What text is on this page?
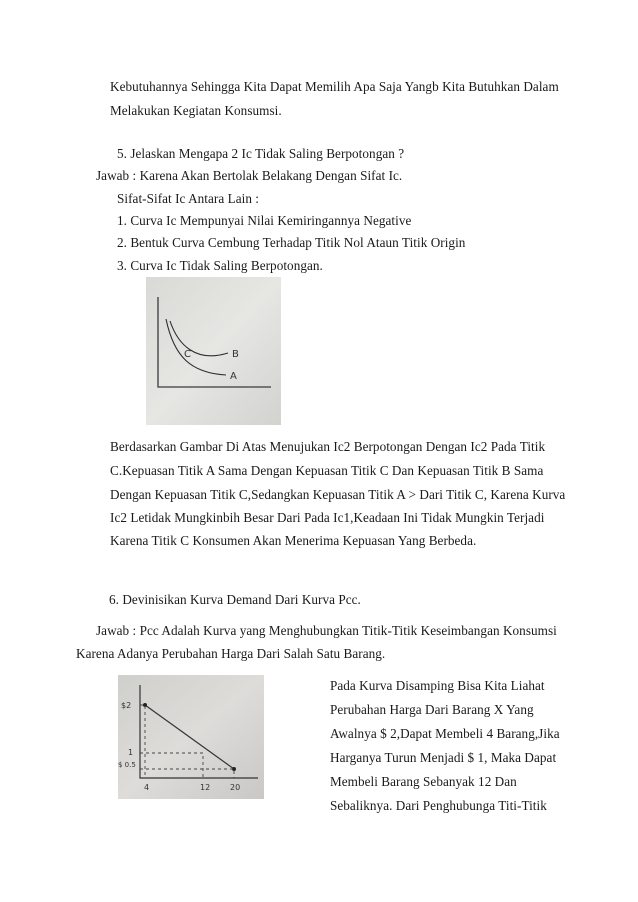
Kebutuhannya Sehingga Kita Dapat Memilih Apa Saja Yangb Kita Butuhkan Dalam
Melakukan Kegiatan Konsumsi.
5. Jelaskan Mengapa 2 Ic Tidak Saling Berpotongan ?
Jawab : Karena Akan Bertolak Belakang Dengan Sifat Ic.
Sifat-Sifat Ic Antara Lain :
1. Curva Ic Mempunyai Nilai Kemiringannya Negative
2. Bentuk Curva Cembung Terhadap Titik Nol Ataun Titik Origin
3. Curva Ic Tidak Saling Berpotongan.
C	B
A
Berdasarkan Gambar Di Atas Menujukan Ic2 Berpotongan Dengan Ic2 Pada Titik
C.Kepuasan Titik A Sama Dengan Kepuasan Titik C Dan Kepuasan Titik B Sama
Dengan Kepuasan Titik C,Sedangkan Kepuasan Titik A > Dari Titik C, Karena Kurva
Ic2 Letidak Mungkinbih Besar Dari Pada Ic1,Keadaan Ini Tidak Mungkin Terjadi
Karena Titik C Konsumen Akan Menerima Kepuasan Yang Berbeda.
6. Devinisikan Kurva Demand Dari Kurva Pcc.
Jawab : Pcc Adalah Kurva yang Menghubungkan Titik-Titik Keseimbangan Konsumsi
Karena Adanya Perubahan Harga Dari Salah Satu Barang.
$2
1
$ 0.5
4	12 20
Pada Kurva Disamping Bisa Kita Liahat
Perubahan Harga Dari Barang X Yang
Awalnya $ 2,Dapat Membeli 4 Barang,Jika
Harganya Turun Menjadi $ 1, Maka Dapat
Membeli Barang Sebanyak 12 Dan
Sebaliknya. Dari Penghubunga Titi-Titik
